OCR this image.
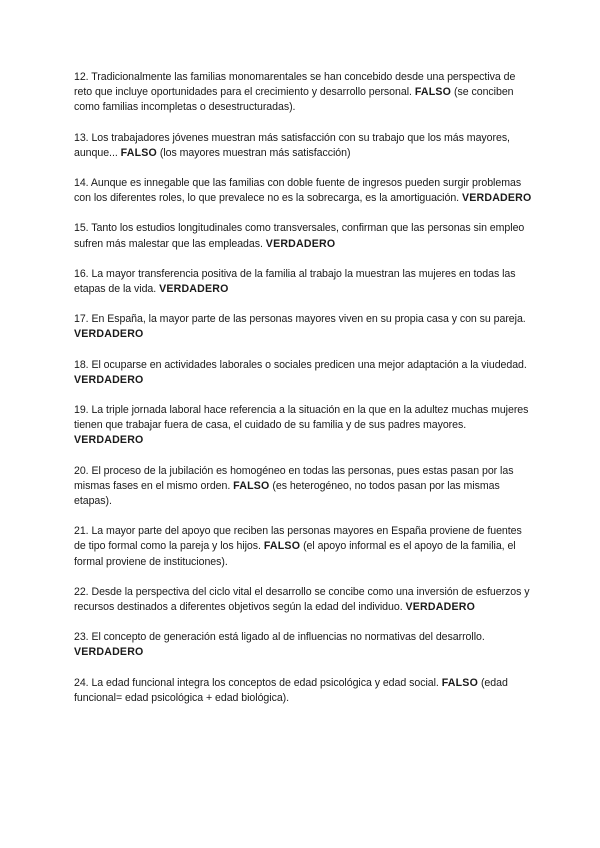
12. Tradicionalmente las familias monomarentales se han concebido desde una perspectiva de reto que incluye oportunidades para el crecimiento y desarrollo personal. FALSO (se conciben como familias incompletas o desestructuradas).

13. Los trabajadores jóvenes muestran más satisfacción con su trabajo que los más mayores, aunque... FALSO (los mayores muestran más satisfacción)

14. Aunque es innegable que las familias con doble fuente de ingresos pueden surgir problemas con los diferentes roles, lo que prevalece no es la sobrecarga, es la amortiguación. VERDADERO

15. Tanto los estudios longitudinales como transversales, confirman que las personas sin empleo sufren más malestar que las empleadas. VERDADERO

16. La mayor transferencia positiva de la familia al trabajo la muestran las mujeres en todas las etapas de la vida. VERDADERO

17. En España, la mayor parte de las personas mayores viven en su propia casa y con su pareja. VERDADERO

18. El ocuparse en actividades laborales o sociales predicen una mejor adaptación a la viudedad. VERDADERO

19. La triple jornada laboral hace referencia a la situación en la que en la adultez muchas mujeres tienen que trabajar fuera de casa, el cuidado de su familia y de sus padres mayores. VERDADERO

20. El proceso de la jubilación es homogéneo en todas las personas, pues estas pasan por las mismas fases en el mismo orden. FALSO (es heterogéneo, no todos pasan por las mismas etapas).

21. La mayor parte del apoyo que reciben las personas mayores en España proviene de fuentes de tipo formal como la pareja y los hijos. FALSO (el apoyo informal es el apoyo de la familia, el formal proviene de instituciones).

22. Desde la perspectiva del ciclo vital el desarrollo se concibe como una inversión de esfuerzos y recursos destinados a diferentes objetivos según la edad del individuo. VERDADERO

23. El concepto de generación está ligado al de influencias no normativas del desarrollo. VERDADERO

24. La edad funcional integra los conceptos de edad psicológica y edad social. FALSO (edad funcional= edad psicológica + edad biológica).
